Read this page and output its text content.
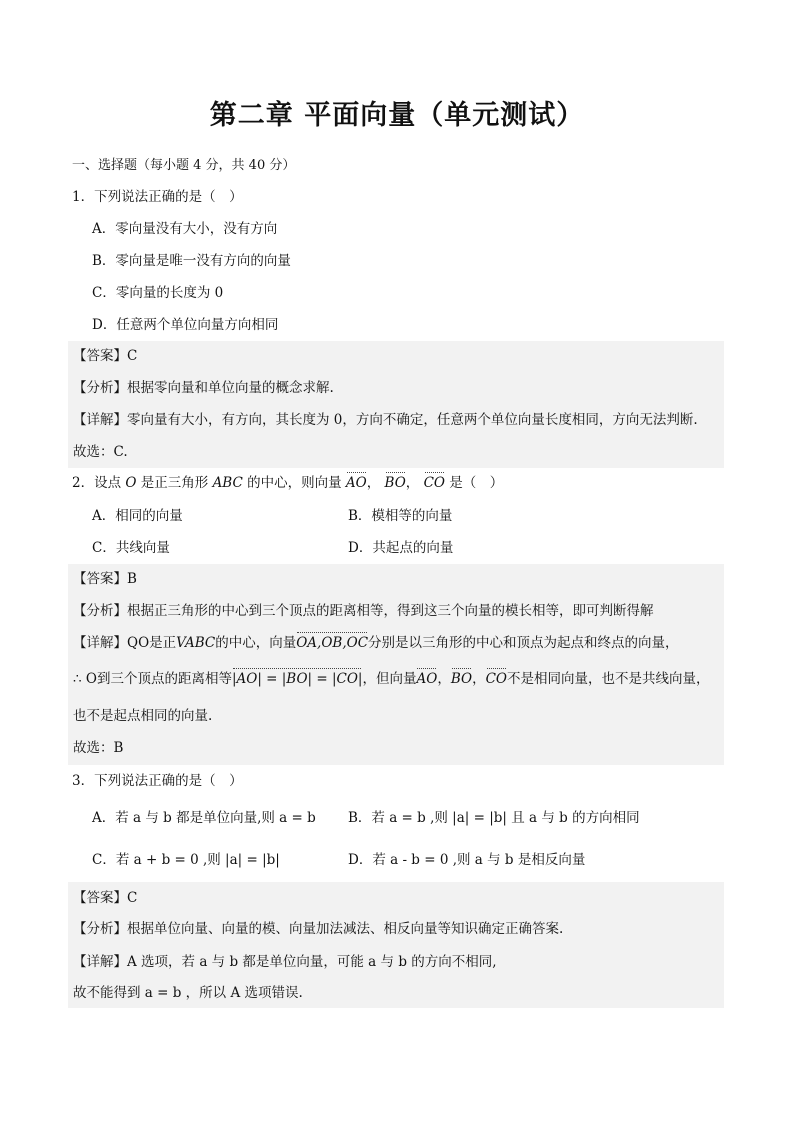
第二章 平面向量（单元测试）
一、选择题（每小题 4 分，共 40 分）
1．下列说法正确的是（　）
A．零向量没有大小，没有方向
B．零向量是唯一没有方向的向量
C．零向量的长度为 0
D．任意两个单位向量方向相同
【答案】C
【分析】根据零向量和单位向量的概念求解.
【详解】零向量有大小，有方向，其长度为 0，方向不确定，任意两个单位向量长度相同，方向无法判断.
故选：C.
2．设点 O 是正三角形 ABC 的中心，则向量 AO， BO， CO 是（　）
A．相同的向量	B．模相等的向量
C．共线向量	D．共起点的向量
【答案】B
【分析】根据正三角形的中心到三个顶点的距离相等，得到这三个向量的模长相等，即可判断得解
【详解】QO是正VABC的中心，向量OA,OB,OC分别是以三角形的中心和顶点为起点和终点的向量，
∴ O到三个顶点的距离相等|AO| = |BO| = |CO|，但向量AO，BO，CO不是相同向量，也不是共线向量，
也不是起点相同的向量.
故选：B
3．下列说法正确的是（　）
A．若 a 与 b 都是单位向量,则 a = b B．若 a = b ,则 |a| = |b| 且 a 与 b 的方向相同
C．若 a + b = 0 ,则 |a| = |b|	D．若 a - b = 0 ,则 a 与 b 是相反向量
【答案】C
【分析】根据单位向量、向量的模、向量加法减法、相反向量等知识确定正确答案.
【详解】A 选项，若 a 与 b 都是单位向量，可能 a 与 b 的方向不相同,
故不能得到 a = b ，所以 A 选项错误.
